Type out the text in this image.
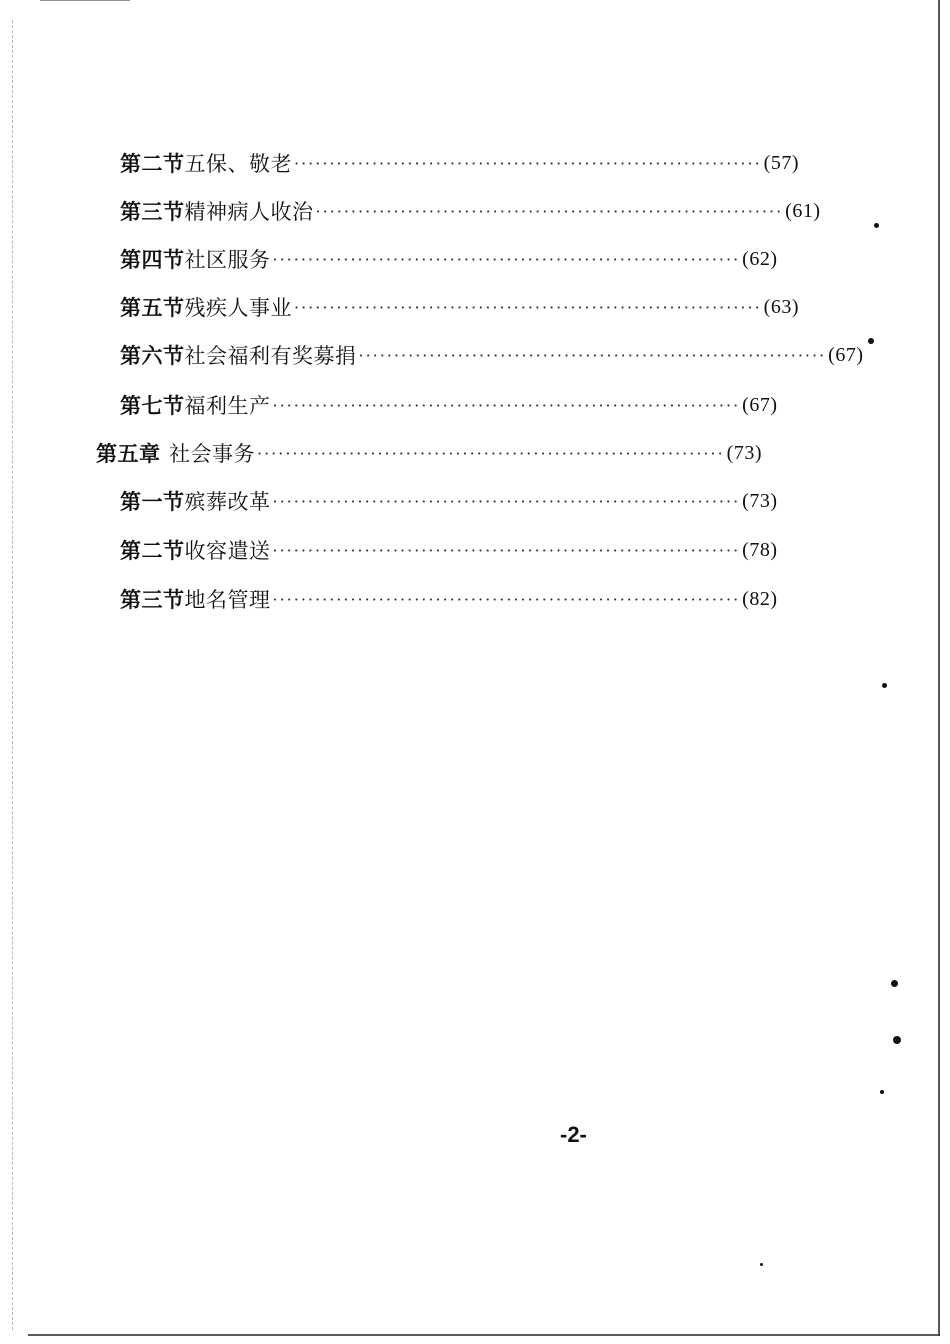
第二节 五保、敬老 ·································································· (57)
第三节 精神病人收治 ·································································· (61)
第四节 社区服务 ·································································· (62)
第五节 残疾人事业 ·································································· (63)
第六节 社会福利有奖募捐 ·································································· (67)
第七节 福利生产 ·································································· (67)
第五章 社会事务 ·································································· (73)
第一节 殡葬改革 ·································································· (73)
第二节 收容遣送 ·································································· (78)
第三节 地名管理 ·································································· (82)
-2-
